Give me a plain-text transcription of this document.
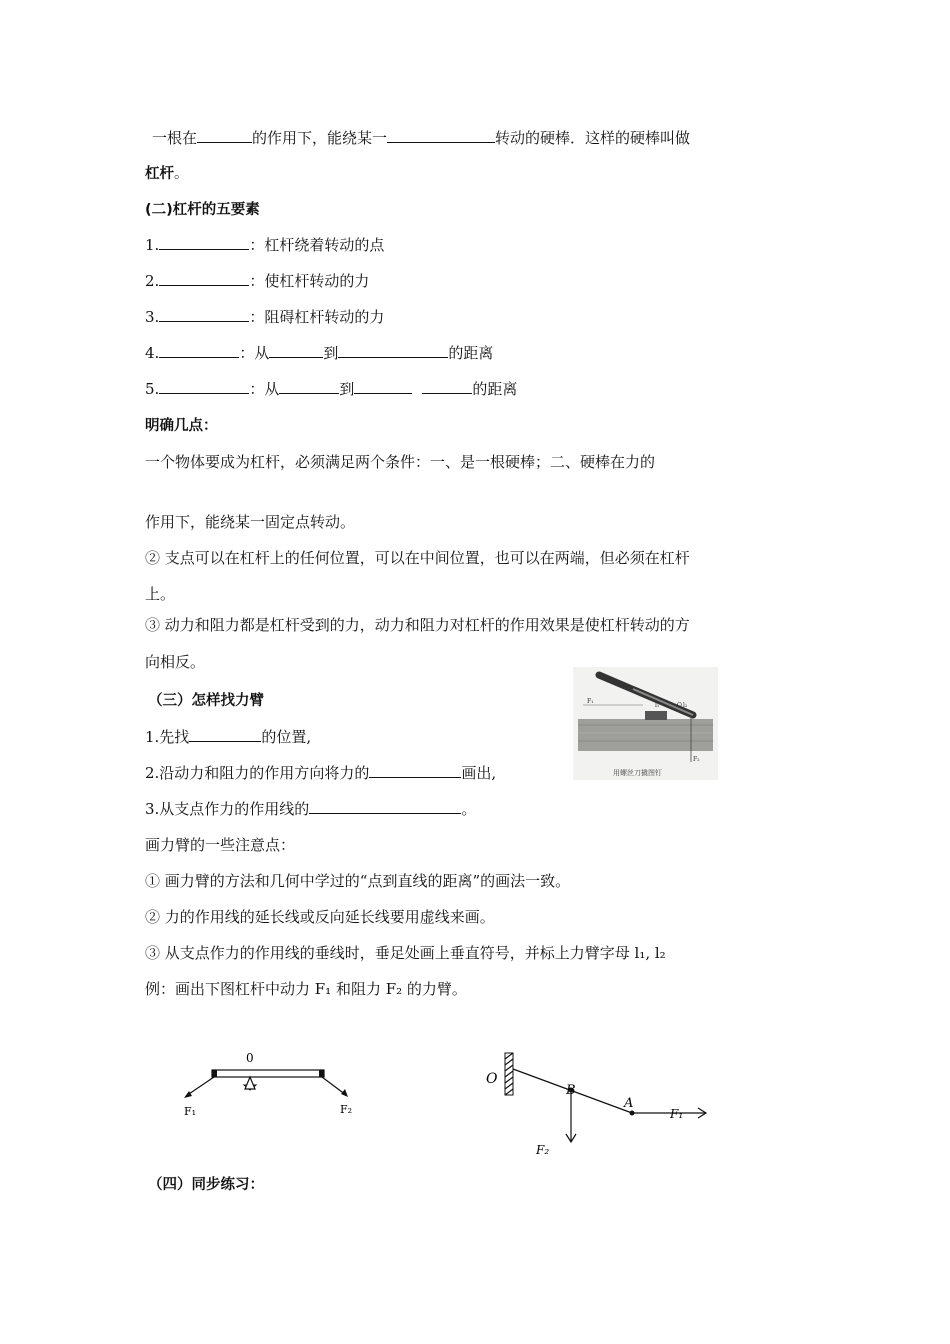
一根在	的作用下，能绕某一	转动的硬棒．这样的硬棒叫做
杠杆。
(二)杠杆的五要素
1.	：杠杆绕着转动的点
2.	：使杠杆转动的力
3.	：阻碍杠杆转动的力
4.	：从	到	的距离
5.	：从	到	的距离
明确几点：
一个物体要成为杠杆，必须满足两个条件：一、是一根硬棒；二、硬棒在力的
作用下，能绕某一固定点转动。
② 支点可以在杠杆上的任何位置，可以在中间位置，也可以在两端，但必须在杠杆
上。
③ 动力和阻力都是杠杆受到的力，动力和阻力对杠杆的作用效果是使杠杆转动的方
向相反。
（三）怎样找力臂
1.先找	的位置,
2.沿动力和阻力的作用方向将力的	画出,
3.从支点作力的作用线的	。
F₁
l₁	O l₂
F₂
用螺丝刀撬图钉
画力臂的一些注意点：
① 画力臂的方法和几何中学过的“点到直线的距离”的画法一致。
② 力的作用线的延长线或反向延长线要用虚线来画。
③ 从支点作力的作用线的垂线时，垂足处画上垂直符号，并标上力臂字母 l₁, l₂
例：画出下图杠杆中动力 F₁ 和阻力 F₂ 的力臂。
0
F₁	F₂
O
B
A
F₁
F₂
（四）同步练习：
